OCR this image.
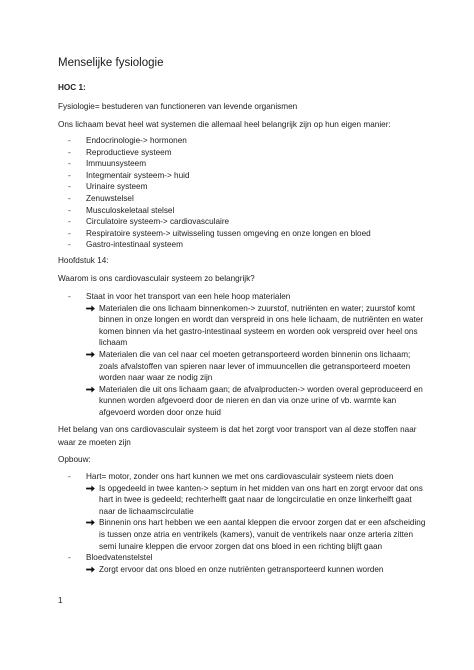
Menselijke fysiologie
HOC 1:
Fysiologie= bestuderen van functioneren van levende organismen
Ons lichaam bevat heel wat systemen die allemaal heel belangrijk zijn op hun eigen manier:
- Endocrinologie-> hormonen
- Reproductieve systeem
- Immuunsysteem
- Integmentair systeem-> huid
- Urinaire systeem
- Zenuwstelsel
- Musculoskeletaal stelsel
- Circulatoire systeem-> cardiovasculaire
- Respiratoire systeem-> uitwisseling tussen omgeving en onze longen en bloed
- Gastro-intestinaal systeem
Hoofdstuk 14:
Waarom is ons cardiovasculair systeem zo belangrijk?
- Staat in voor het transport van een hele hoop materialen
Materialen die ons lichaam binnenkomen-> zuurstof, nutriënten en water; zuurstof komt binnen in onze longen en wordt dan verspreid in ons hele lichaam, de nutriënten en water komen binnen via het gastro-intestinaal systeem en worden ook verspreid over heel ons lichaam
Materialen die van cel naar cel moeten getransporteerd worden binnenin ons lichaam; zoals afvalstoffen van spieren naar lever of immuuncellen die getransporteerd moeten worden naar waar ze nodig zijn
Materialen die uit ons lichaam gaan; de afvalproducten-> worden overal geproduceerd en kunnen worden afgevoerd door de nieren en dan via onze urine of vb. warmte kan afgevoerd worden door onze huid
Het belang van ons cardiovasculair systeem is dat het zorgt voor transport van al deze stoffen naar waar ze moeten zijn
Opbouw:
- Hart= motor, zonder ons hart kunnen we met ons cardiovasculair systeem niets doen
Is opgedeeld in twee kanten-> septum in het midden van ons hart en zorgt ervoor dat ons hart in twee is gedeeld; rechterhelft gaat naar de longcirculatie en onze linkerhelft gaat naar de lichaamscirculatie
Binnenin ons hart hebben we een aantal kleppen die ervoor zorgen dat er een afscheiding is tussen onze atria en ventrikels (kamers), vanuit de ventrikels naar onze arteria zitten semi lunaire kleppen die ervoor zorgen dat ons bloed in een richting blijft gaan
- Bloedvatenstelstel
Zorgt ervoor dat ons bloed en onze nutriënten getransporteerd kunnen worden
1
